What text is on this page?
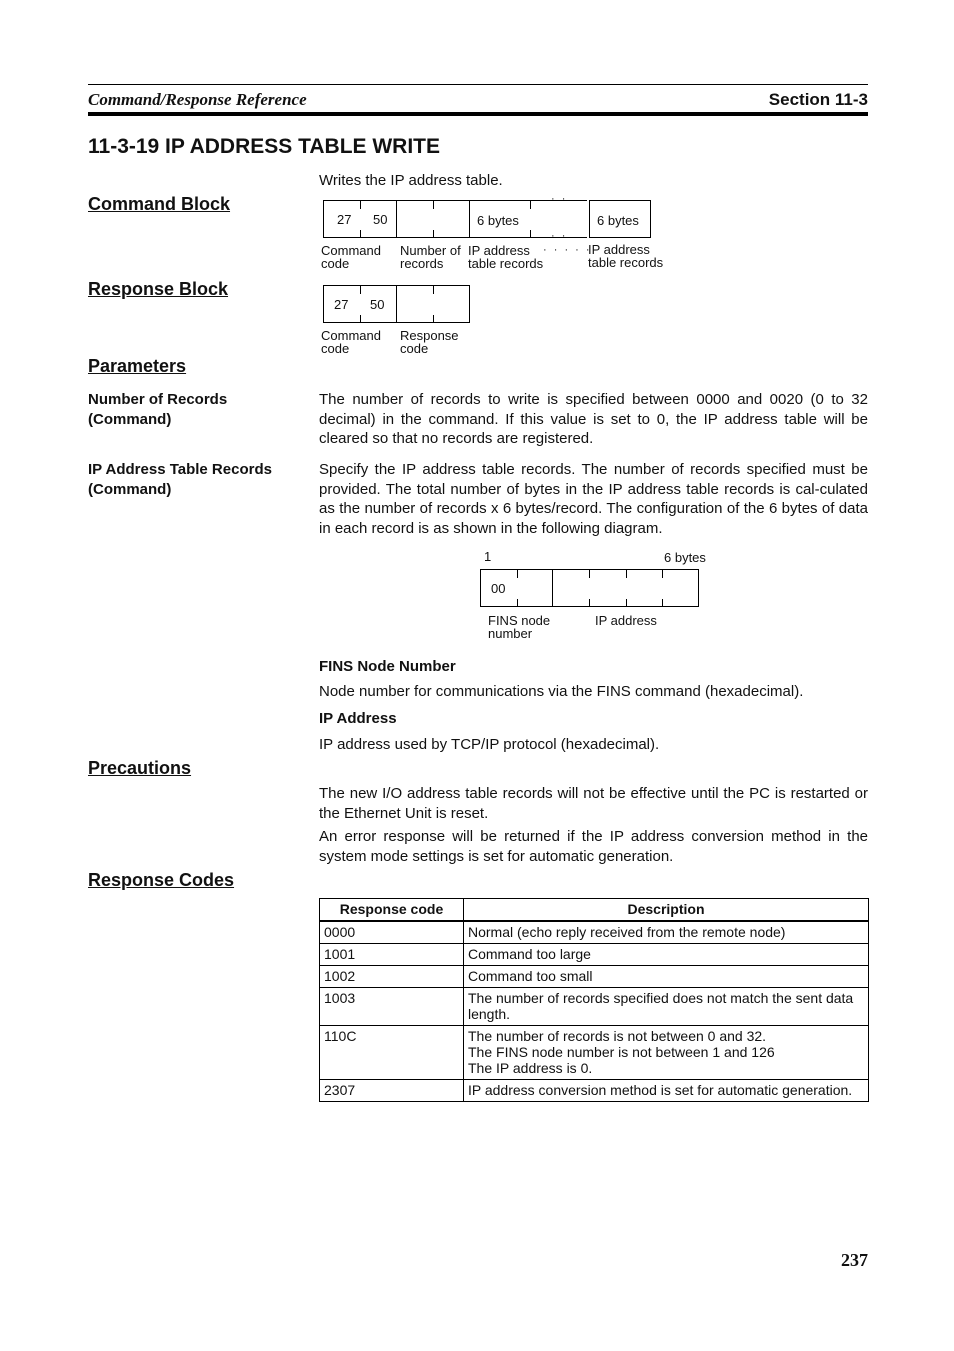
Command/Response Reference	Section 11-3
11-3-19 IP ADDRESS TABLE WRITE
Writes the IP address table.
Command Block
27 50	6 bytes
· ·
· ·
6 bytes
Command
code
Number of
records
IP address
table records
· · · · ·
IP address
table records
Response Block
27 50
Command
code
Response
code
Parameters
Number of Records (Command)
The number of records to write is specified between 0000 and 0020 (0 to 32 decimal) in the command. If this value is set to 0, the IP address table will be cleared so that no records are registered.
IP Address Table Records (Command)
Specify the IP address table records. The number of records specified must be provided. The total number of bytes in the IP address table records is cal-culated as the number of records x 6 bytes/record. The configuration of the 6 bytes of data in each record is as shown in the following diagram.
1	6 bytes
00
FINS node
number
IP address
FINS Node Number
Node number for communications via the FINS command (hexadecimal).
IP Address
IP address used by TCP/IP protocol (hexadecimal).
Precautions
The new I/O address table records will not be effective until the PC is restarted or the Ethernet Unit is reset.
An error response will be returned if the IP address conversion method in the system mode settings is set for automatic generation.
Response Codes
Response code	Description
0000	Normal (echo reply received from the remote node)
1001	Command too large
1002	Command too small
1003	The number of records specified does not match the sent data length.
110C	The number of records is not between 0 and 32.
The FINS node number is not between 1 and 126
The IP address is 0.
2307	IP address conversion method is set for automatic generation.
237
